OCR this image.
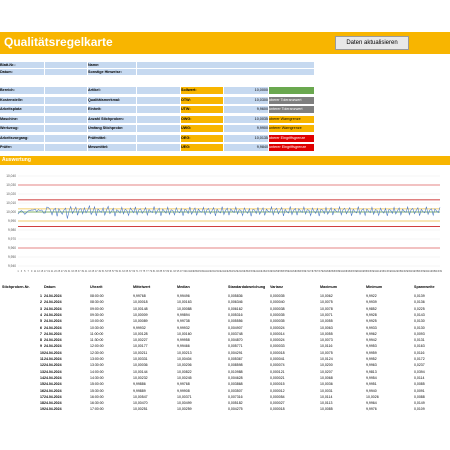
Qualitätsregelkarte	Daten aktualisieren
Blatt-Nr.:	Name:
Datum:	Sonstige Hinweise:
Bereich:	Artikel:	Sollwert:	10,0000
Kostenstelle:	Qualitätsmerkmal:	OTW:	10,0300 oberer Toleranzwert
Arbeitsplatz:	Einheit:	UTW:	9,9600 unterer Toleranzwert
Maschine:	Anzahl Stichproben:	OWG:	10,0035 oberer Warngrenze
Werkzeug:	Umfang Stichprobe:	UWG:	9,9900 unterer Warngrenze
Arbeitsvorgang:	Prüfmittel:	OEG:	10,0135 oberer Eingriffsgrenze
Prüfer:	Messmittel:	UEG:	9,9840 unterer Eingriffsgrenze
Auswertung
10,040
10,030
10,020
10,010
10,000
9,990
9,980
9,970
9,960
9,950
9,940
1 3 5 7 9 11 13 15 17 19 21 23 25 27 29 31 33 35 37 39 41 43 45 47 49 51 53 55 57 59 61 63 65 67 69 71 73 75 77 79 81 83 85 87 89 91 93 95 97 99 101 103 105 107 109 111 113 115 117 119 121 123 125 127 129 131 133 135 137 139 141 143 145 147 149 151 153 155 157 159 161 163 165 167 169 171 173 175 177 179 181 183 185 187 189 191 193 195 197 199 201 203 205 207 209 211 213 215 217 219 221 223 225 227 229 231 233 235 237 239 241 243 245 247 249
Stichproben-Nr.	Datum	Uhrzeit	Mittelwert	Median	Standardabweichung Varianz	Maximum	Minimum	Spannweite
1 24.04.2024	08:00:00	9,99768	9,99496	0,005836	0,000035	10,0062	9,9922	0,0139
2 24.04.2024	08:30:00	10,00018	10,00163	0,006346	0,000040	10,0075	9,9939	0,0136
3 24.04.2024	09:00:00	10,00148	10,00088	0,006162	0,000038	10,0078	9,9852	0,0225
4 24.04.2024	09:30:00	10,00009	9,99894	0,005316	0,000035	10,0071	9,9928	0,0143
5 24.04.2024	10:00:00	10,00089	9,99738	0,005556	0,000035	10,0055	9,9925	0,0130
6 24.04.2024	10:30:00	9,99932	9,99932	0,004907	0,000024	10,0063	9,9933	0,0130
7 24.04.2024	11:00:00	10,00128	10,00160	0,003748	0,000014	10,0055	9,9962	0,0093
8 24.04.2024	11:30:00	10,00227	9,99958	0,004870	0,000024	10,0073	9,9942	0,0131
9 24.04.2024	12:00:00	10,00177	9,99466	0,005771	0,000033	10,0116	9,9953	0,0163
10 24.04.2024	12:30:00	10,00211	10,00213	0,004291	0,000018	10,0075	9,9959	0,0116
11 24.04.2024	13:00:00	10,00331	10,00404	0,005367	0,000041	10,0124	9,9952	0,0172
12 24.04.2024	13:30:00	10,00036	10,00206	0,008598	0,000074	10,0200	9,9963	0,0237
13 24.04.2024	14:00:00	10,00144	10,00822	0,010988	0,000121	10,0207	9,9813	0,0394
14 24.04.2024	14:30:00	10,00232	10,00245	0,004628	0,000021	10,0068	9,9954	0,0114
15 24.04.2024	15:00:00	9,99886	9,99768	0,003868	0,000015	10,0036	9,9951	0,0085
16 24.04.2024	15:30:00	9,99889	9,99908	0,003507	0,000012	10,0031	9,9940	0,0091
17 24.04.2024	16:00:00	10,00547	10,00371	0,007316	0,000054	10,0114	10,0026	0,0088
18 24.04.2024	16:30:00	10,00470	10,00499	0,005182	0,000027	10,0113	9,9964	0,0149
19 24.04.2024	17:00:00	10,00251	10,00259	0,004275	0,000018	10,0085	9,9976	0,0109
